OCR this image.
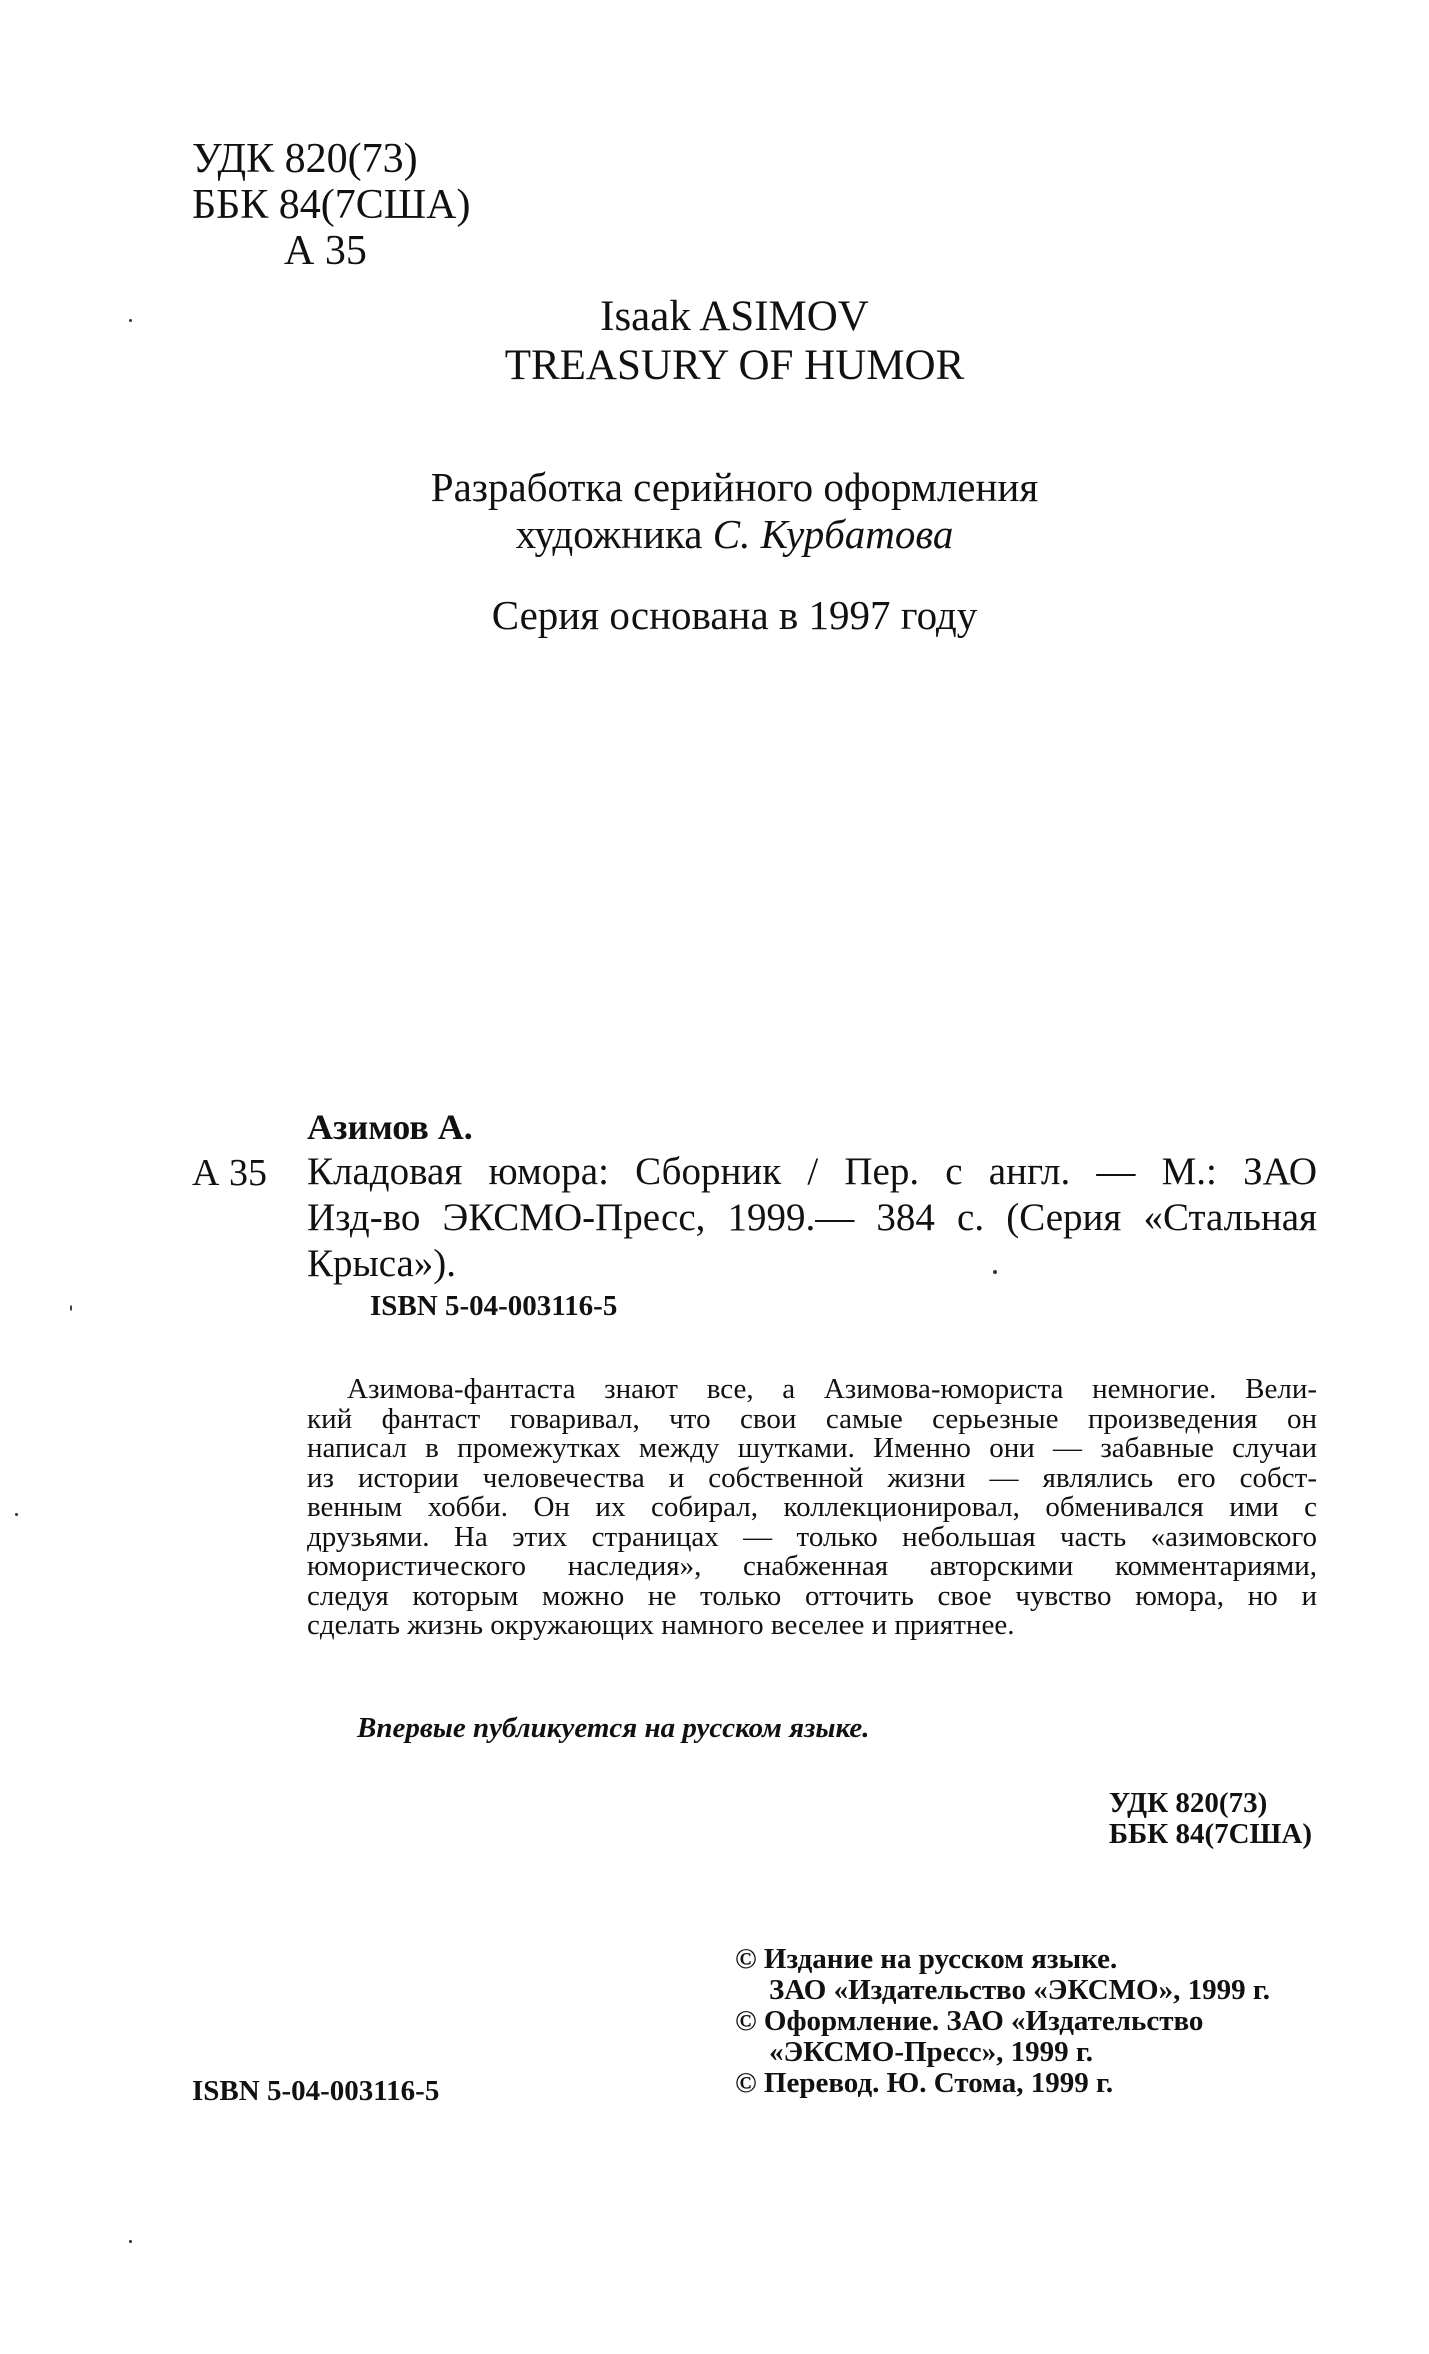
УДК 820(73)
ББК 84(7США)
А 35
Isaak ASIMOV
TREASURY OF HUMOR
Разработка серийного оформления
художника С. Курбатова
Серия основана в 1997 году
Азимов А.
А 35 Кладовая юмора: Сборник / Пер. с англ. — М.: ЗАО
Изд-во ЭКСМО-Пресс, 1999.— 384 с. (Серия «Стальная
Крыса»).
ISBN 5-04-003116-5
Азимова-фантаста знают все, а Азимова-юмориста немногие. Вели-
кий фантаст говаривал, что свои самые серьезные произведения он
написал в промежутках между шутками. Именно они — забавные случаи
из истории человечества и собственной жизни — являлись его собст-
венным хобби. Он их собирал, коллекционировал, обменивался ими с
друзьями. На этих страницах — только небольшая часть «азимовского
юмористического наследия», снабженная авторскими комментариями,
следуя которым можно не только отточить свое чувство юмора, но и
сделать жизнь окружающих намного веселее и приятнее.
Впервые публикуется на русском языке.
УДК 820(73)
ББК 84(7США)
© Издание на русском языке.
ЗАО «Издательство «ЭКСМО», 1999 г.
© Оформление. ЗАО «Издательство
«ЭКСМО-Пресс», 1999 г.
© Перевод. Ю. Стома, 1999 г.
ISBN 5-04-003116-5
